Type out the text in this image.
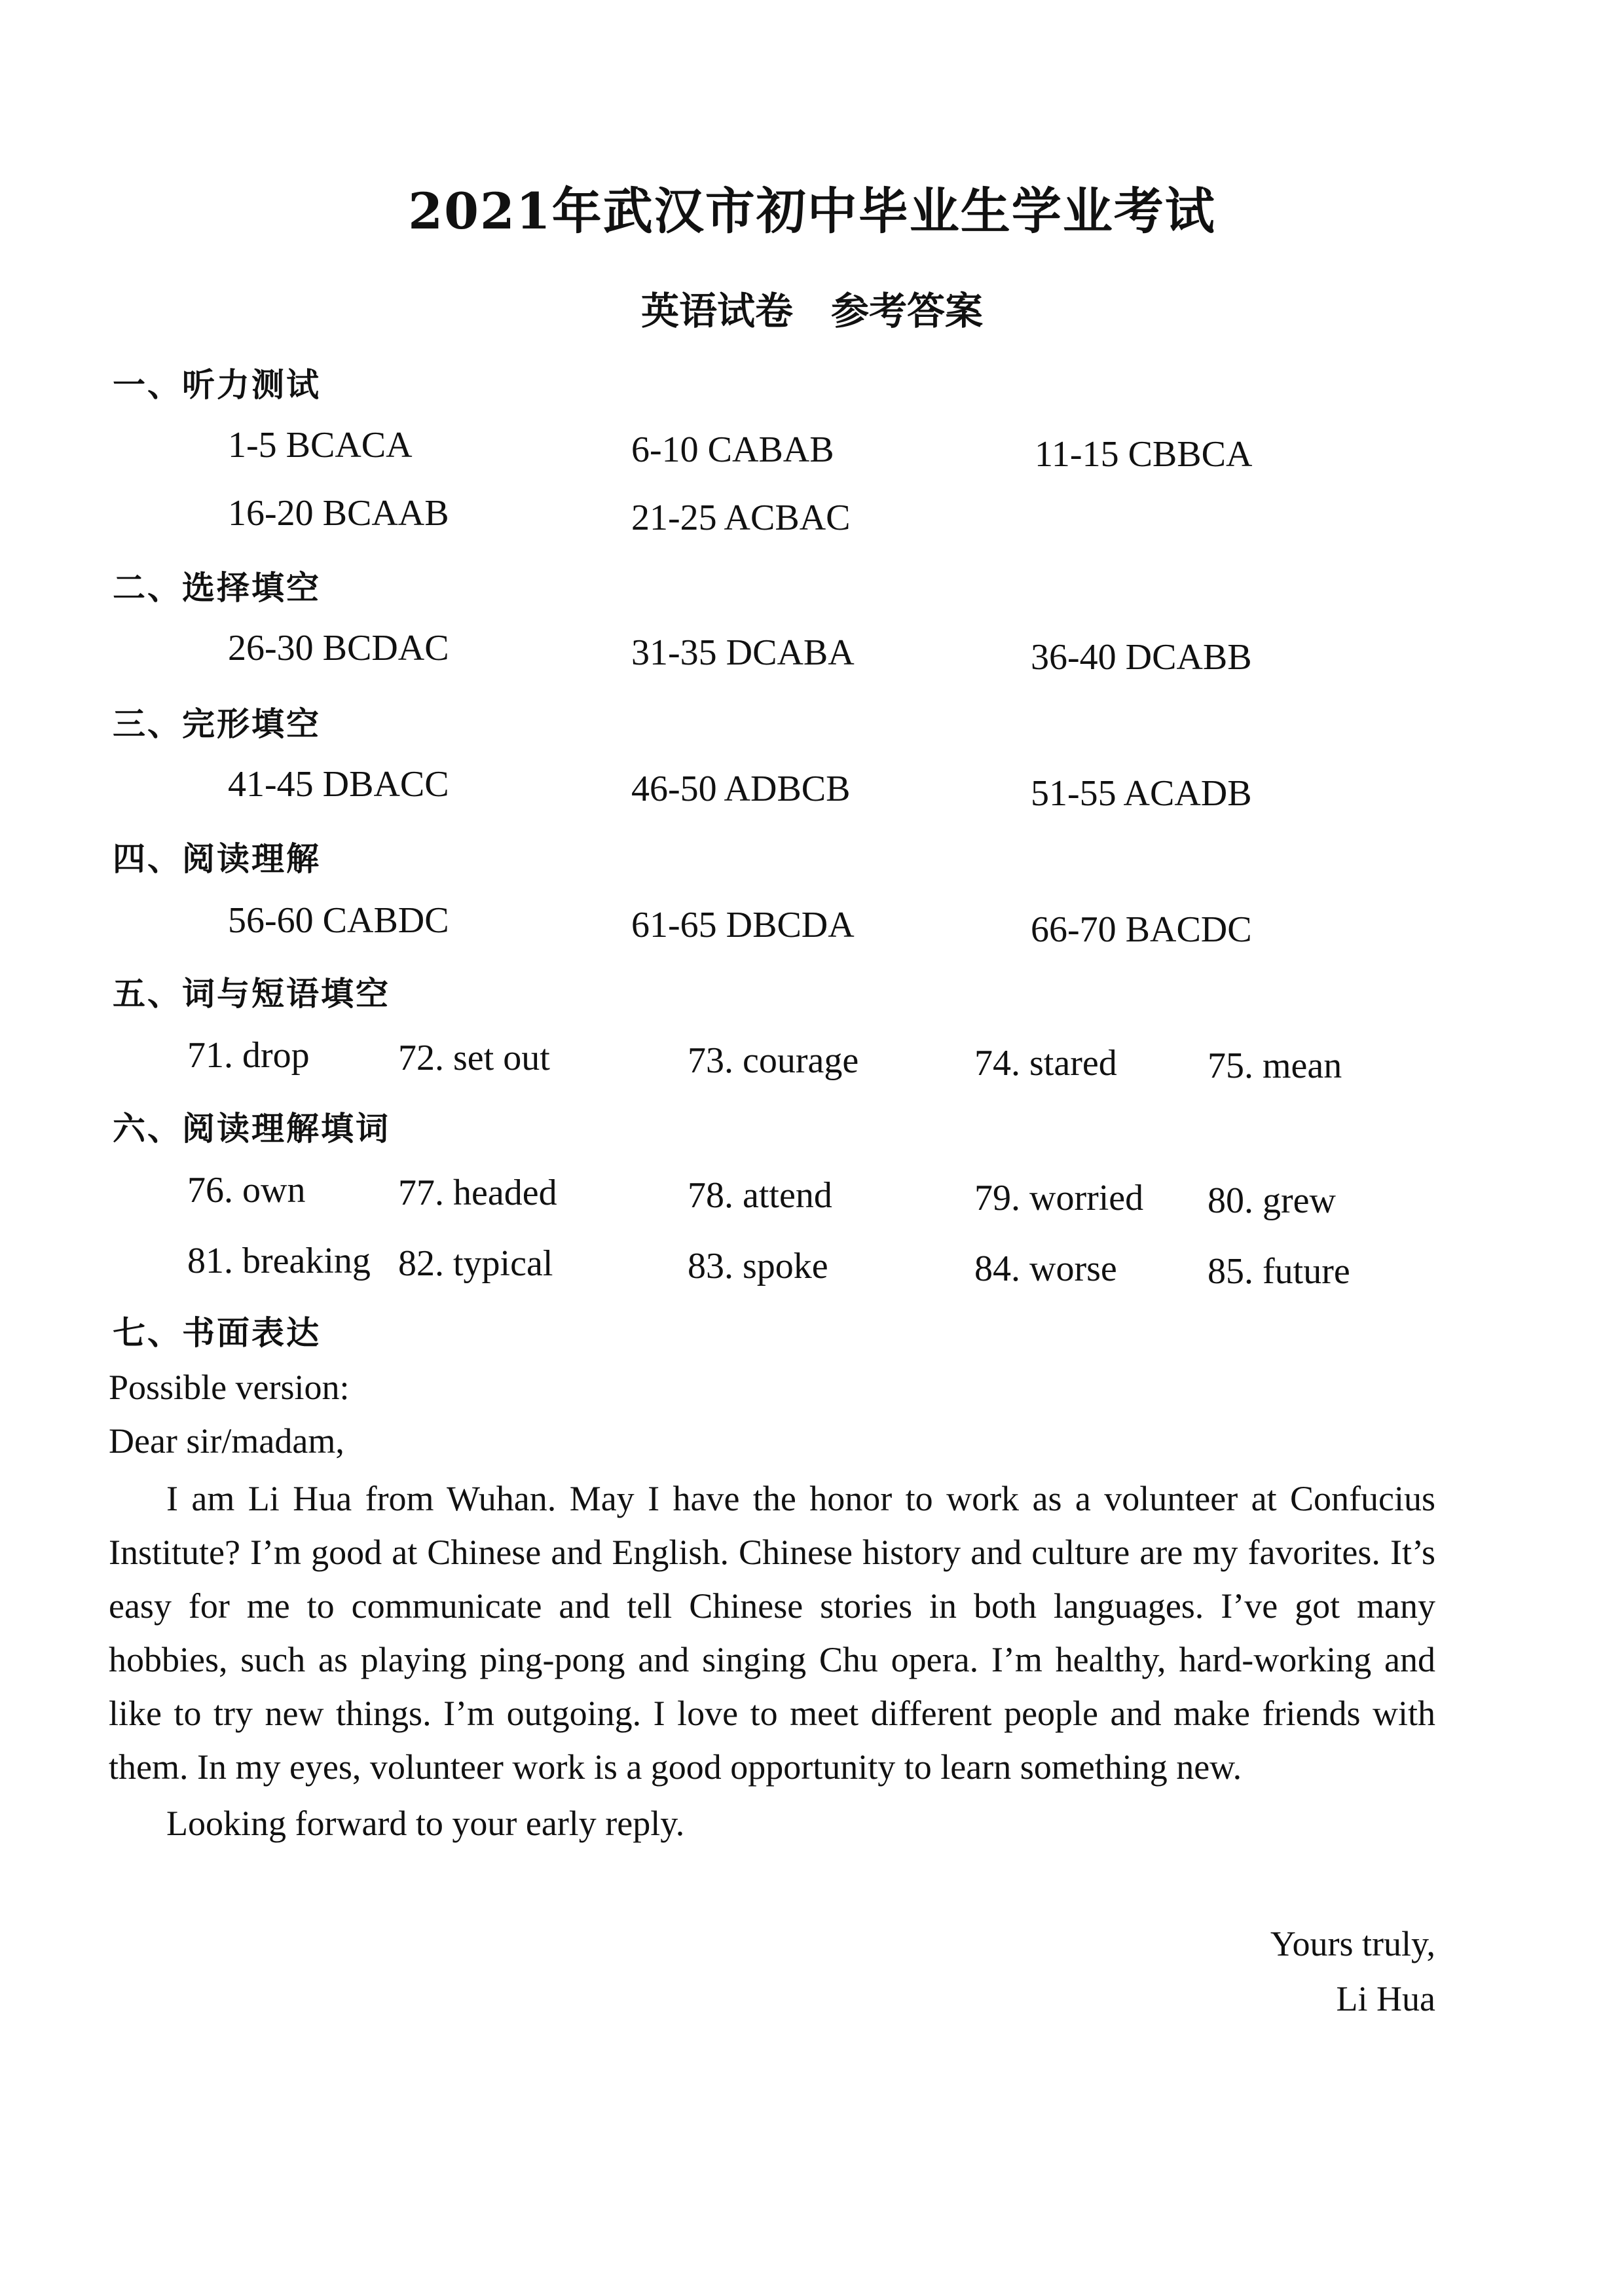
2021年武汉市初中毕业生学业考试
英语试卷　参考答案
一、听力测试
1-5 BCACA	6-10 CABAB	11-15 CBBCA
16-20 BCAAB	21-25 ACBAC
二、选择填空
26-30 BCDAC	31-35 DCABA	36-40 DCABB
三、完形填空
41-45 DBACC	46-50 ADBCB	51-55 ACADB
四、阅读理解
56-60 CABDC	61-65 DBCDA	66-70 BACDC
五、词与短语填空
71. drop 72. set out	73. courage	74. stared 75. mean
六、阅读理解填词
76. own	77. headed	78. attend	79. worried 80. grew
81. breaking 82. typical	83. spoke	84. worse 85. future
七、书面表达
Possible version:
Dear sir/madam,

I am Li Hua from Wuhan. May I have the honor to work as a volunteer at Confucius Institute? I’m good at Chinese and English. Chinese history and culture are my favorites. It’s easy for me to communicate and tell Chinese stories in both languages. I’ve got many hobbies, such as playing ping-pong and singing Chu opera. I’m healthy, hard-working and like to try new things. I’m outgoing. I love to meet different people and make friends with them. In my eyes, volunteer work is a good opportunity to learn something new.

Looking forward to your early reply.

Yours truly,
Li Hua
